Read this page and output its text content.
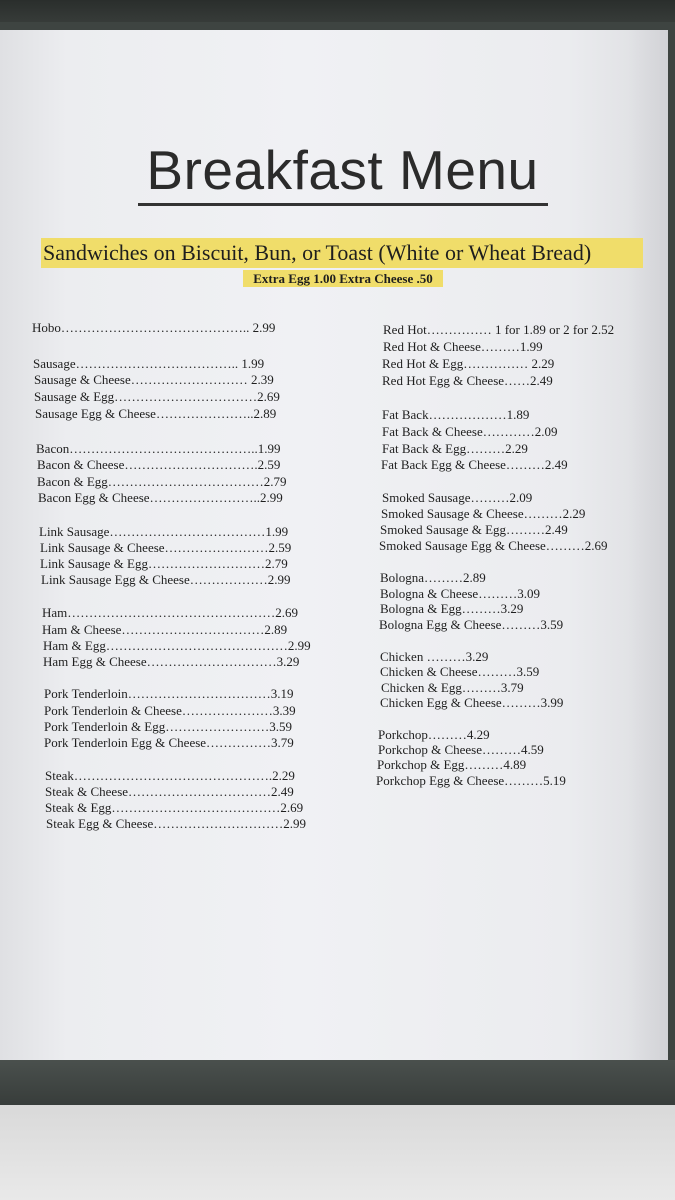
Breakfast Menu
Sandwiches on Biscuit, Bun, or Toast (White or Wheat Bread)
Extra Egg 1.00 Extra Cheese .50
Hobo…………………………………….. 2.99
Sausage……………………………….. 1.99
Sausage & Cheese……………………… 2.39
Sausage & Egg……………………………2.69
Sausage Egg & Cheese…………………..2.89
Bacon……………………………………..1.99
Bacon & Cheese………………………….2.59
Bacon & Egg………………………………2.79
Bacon Egg & Cheese……………………..2.99
Link Sausage………………………………1.99
Link Sausage & Cheese……………………2.59
Link Sausage & Egg………………………2.79
Link Sausage Egg & Cheese………………2.99
Ham…………………………………………2.69
Ham & Cheese……………………………2.89
Ham & Egg……………………………………2.99
Ham Egg & Cheese…………………………3.29
Pork Tenderloin……………………………3.19
Pork Tenderloin & Cheese…………………3.39
Pork Tenderloin & Egg……………………3.59
Pork Tenderloin Egg & Cheese……………3.79
Steak……………………………………….2.29
Steak & Cheese……………………………2.49
Steak & Egg…………………………………2.69
Steak Egg & Cheese…………………………2.99
Red Hot…………… 1 for 1.89 or 2 for 2.52
Red Hot & Cheese………1.99
Red Hot & Egg…………… 2.29
Red Hot Egg & Cheese……2.49
Fat Back………………1.89
Fat Back & Cheese…………2.09
Fat Back & Egg………2.29
Fat Back Egg & Cheese………2.49
Smoked Sausage………2.09
Smoked Sausage & Cheese………2.29
Smoked Sausage & Egg………2.49
Smoked Sausage Egg & Cheese………2.69
Bologna………2.89
Bologna & Cheese………3.09
Bologna & Egg………3.29
Bologna Egg & Cheese………3.59
Chicken ………3.29
Chicken & Cheese………3.59
Chicken & Egg………3.79
Chicken Egg & Cheese………3.99
Porkchop………4.29
Porkchop & Cheese………4.59
Porkchop & Egg………4.89
Porkchop Egg & Cheese………5.19
